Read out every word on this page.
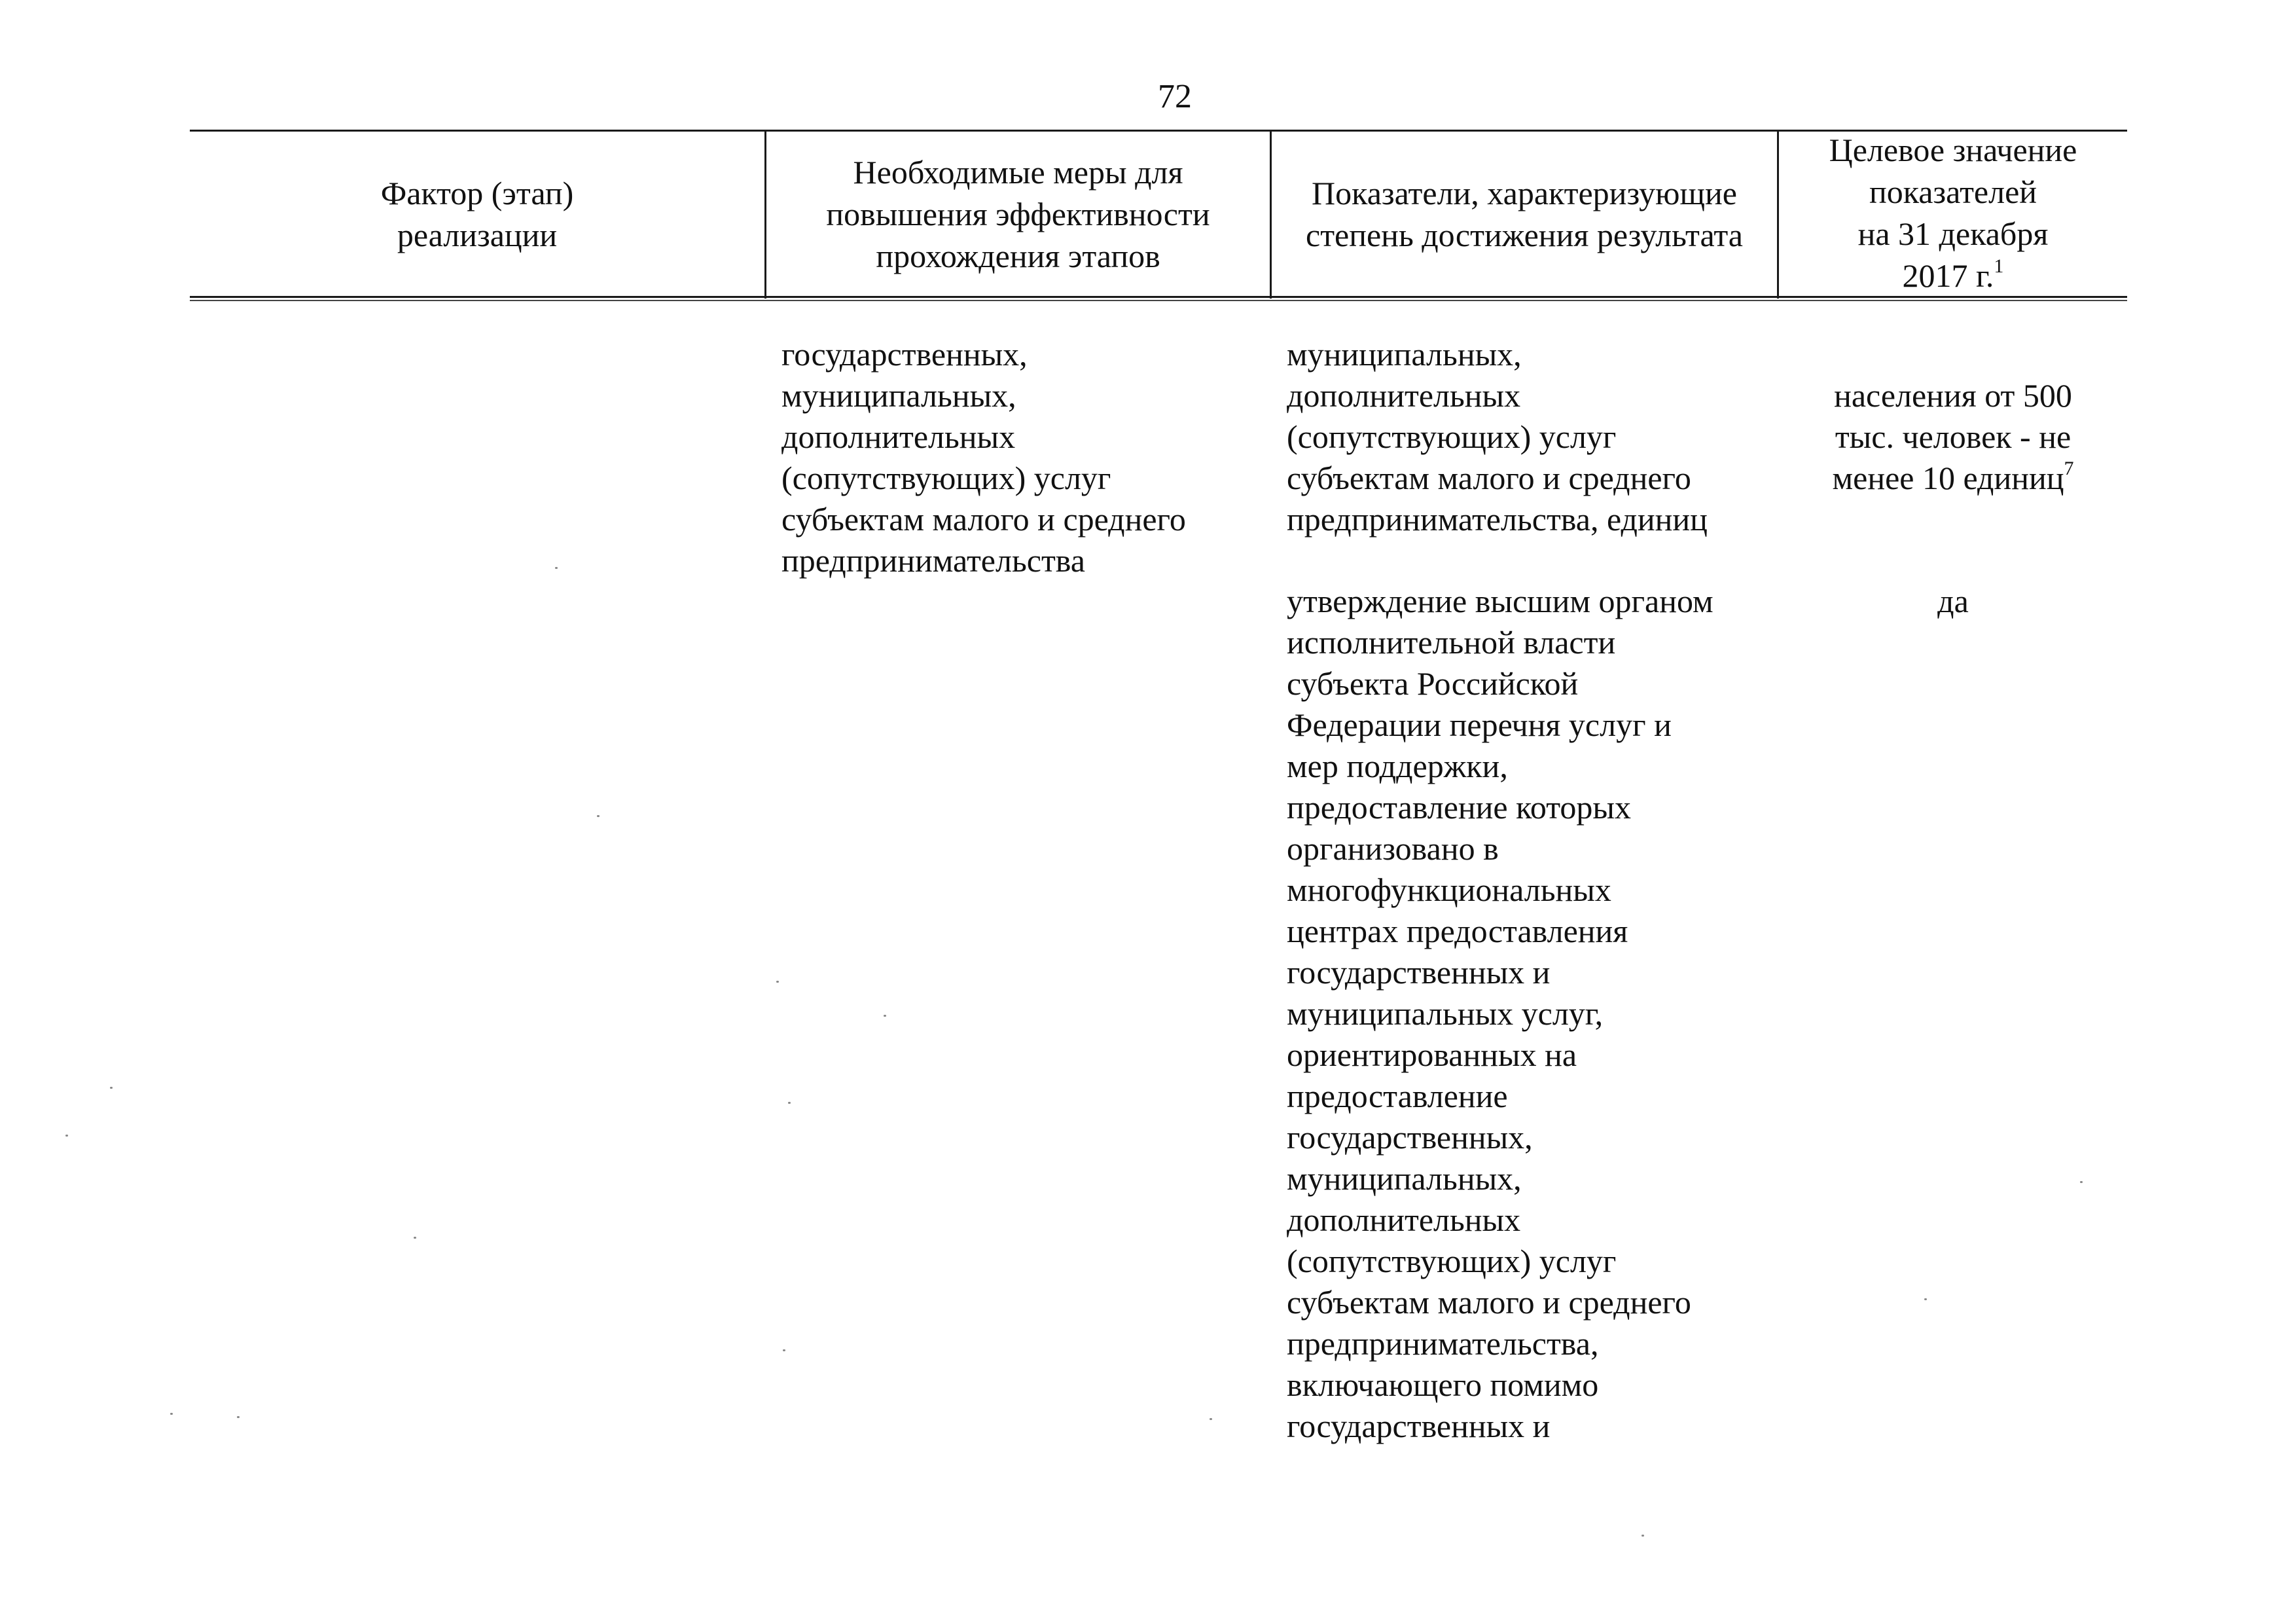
72
Фактор (этап)
реализации
Необходимые меры для
повышения эффективности
прохождения этапов
Показатели, характеризующие
степень достижения результата
Целевое значение
показателей
на 31 декабря
2017 г.$^1$
государственных,
муниципальных,
дополнительных
(сопутствующих) услуг
субъектам малого и среднего
предпринимательства
муниципальных,
дополнительных
(сопутствующих) услуг
субъектам малого и среднего
предпринимательства, единиц

населения от 500
тыс. человек - не
менее 10 единиц$^7$

утверждение высшим органом
исполнительной власти
субъекта Российской
Федерации перечня услуг и
мер поддержки,
предоставление которых
организовано в
многофункциональных
центрах предоставления
государственных и
муниципальных услуг,
ориентированных на
предоставление
государственных,
муниципальных,
дополнительных
(сопутствующих) услуг
субъектам малого и среднего
предпринимательства,
включающего помимо
государственных и
да
